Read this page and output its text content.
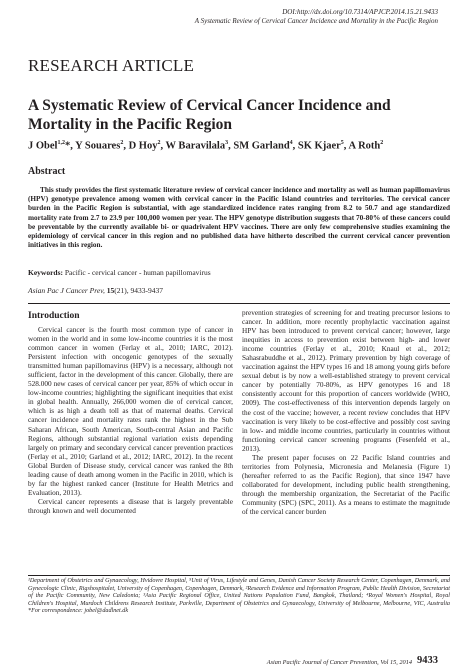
DOI:http://dx.doi.org/10.7314/APJCP.2014.15.21.9433
A Systematic Review of Cervical Cancer Incidence and Mortality in the Pacific Region
RESEARCH ARTICLE
A Systematic Review of Cervical Cancer Incidence and Mortality in the Pacific Region
J Obel$^{1,2}$*, Y Souares$^2$, D Hoy$^2$, W Baravilala$^3$, SM Garland$^4$, SK Kjaer$^5$, A Roth$^2$
Abstract
This study provides the first systematic literature review of cervical cancer incidence and mortality as well as human papillomavirus (HPV) genotype prevalence among women with cervical cancer in the Pacific Island countries and territories. The cervical cancer burden in the Pacific Region is substantial, with age standardized incidence rates ranging from 8.2 to 50.7 and age standardized mortality rate from 2.7 to 23.9 per 100,000 women per year. The HPV genotype distribution suggests that 70-80% of these cancers could be preventable by the currently available bi- or quadrivalent HPV vaccines. There are only few comprehensive studies examining the epidemiology of cervical cancer in this region and no published data have hitherto described the current cervical cancer prevention initiatives in this region.
Keywords: Pacific - cervical cancer - human papillomavirus
Asian Pac J Cancer Prev, 15(21), 9433-9437
Introduction

Cervical cancer is the fourth most common type of cancer in women in the world and in some low-income countries it is the most common cancer in women (Ferlay et al., 2010; IARC, 2012). Persistent infection with oncogenic genotypes of the sexually transmitted human papillomavirus (HPV) is a necessary, although not sufficient, factor in the development of this cancer. Globally, there are 528.000 new cases of cervical cancer per year, 85% of which occur in low-income countries; highlighting the significant inequities that exist in global health. Annually, 266,000 women die of cervical cancer, which is as high a death toll as that of maternal deaths. Cervical cancer incidence and mortality rates rank the highest in the Sub Saharan African, South American, South-central Asian and Pacific Regions, although substantial regional variation exists depending largely on primary and secondary cervical cancer prevention practices (Ferlay et al., 2010; Garland et al., 2012; IARC, 2012). In the recent Global Burden of Disease study, cervical cancer was ranked the 8th leading cause of death among women in the Pacific in 2010, which is by far the highest ranked cancer (Institute for Health Metrics and Evaluation, 2013).

Cervical cancer represents a disease that is largely preventable through known and well documented

prevention strategies of screening for and treating precursor lesions to cancer. In addition, more recently prophylactic vaccination against HPV has been introduced to prevent cervical cancer; however, large inequities in access to prevention exist between high- and lower income countries (Ferlay et al., 2010; Knaul et al., 2012; Sahasrabuddhe et al., 2012). Primary prevention by high coverage of vaccination against the HPV types 16 and 18 among young girls before sexual debut is by now a well-established strategy to prevent cervical cancer by potentially 70-80%, as HPV genotypes 16 and 18 consistently account for this proportion of cancers worldwide (WHO, 2009). The cost-effectiveness of this intervention depends largely on the cost of the vaccine; however, a recent review concludes that HPV vaccination is very likely to be cost-effective and possibly cost saving in low- and middle income countries, particularly in countries without functioning cervical cancer screening programs (Fesenfeld et al., 2013).

The present paper focuses on 22 Pacific Island countries and territories from Polynesia, Micronesia and Melanesia (Figure 1) (hereafter referred to as the Pacific Region), that since 1947 have collaborated for development, including public health strengthening, through the membership organization, the Secretariat of the Pacific Community (SPC) (SPC, 2011). As a means to estimate the magnitude of the cervical cancer burden

¹Department of Obstetrics and Gynaecology, Hvidovre Hospital, ⁵Unit of Virus, Lifestyle and Genes, Danish Cancer Society Research Center, Copenhagen, Denmark, and Gynecologic Clinic, Rigshospitalet, University of Copenhagen, Copenhagen, Denmark, ²Research Evidence and Information Program, Public Health Division, Secretariat of the Pacific Community, New Caledonia; ³Asia Pacific Regional Office, United Nations Population Fund, Bangkok, Thailand; ⁴Royal Women's Hospital, Royal Children's Hospital, Murdoch Childrens Research Institute, Parkville, Department of Obstetrics and Gynaecology, University of Melbourne, Melbourne, VIC, Australia *For correspondence: jobel@dadlnet.dk
Asian Pacific Journal of Cancer Prevention, Vol 15, 2014 9433
